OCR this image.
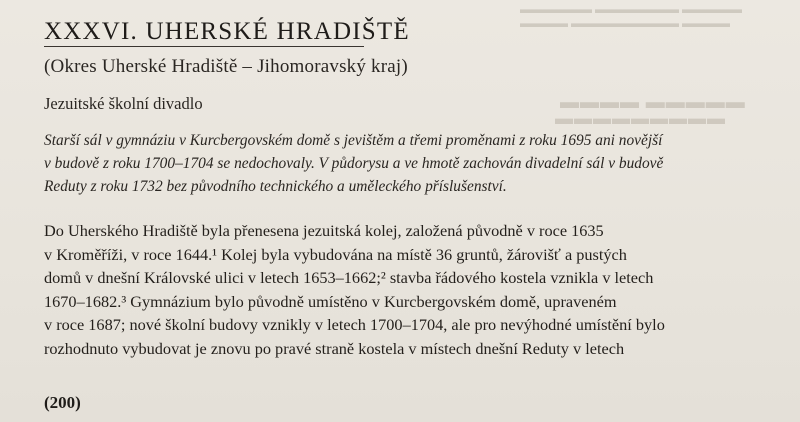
▬▬▬▬▬▬ ▬▬▬▬▬▬▬ ▬▬▬▬▬
▬▬▬▬ ▬▬▬▬▬▬▬▬▬ ▬▬▬▬
▬▬▬▬ ▬▬▬▬▬
▬▬▬▬▬▬▬▬▬
XXXVI. UHERSKÉ HRADIŠTĚ
(Okres Uherské Hradiště – Jihomoravský kraj)
Jezuitské školní divadlo
Starší sál v gymnáziu v Kurcbergovském domě s jevištěm a třemi proměnami z roku 1695 ani novější
v budově z roku 1700–1704 se nedochovaly. V půdorysu a ve hmotě zachován divadelní sál v budově
Reduty z roku 1732 bez původního technického a uměleckého příslušenství.
Do Uherského Hradiště byla přenesena jezuitská kolej, založená původně v roce 1635
v Kroměříži, v roce 1644.¹ Kolej byla vybudována na místě 36 gruntů, žárovišť a pustých
domů v dnešní Královské ulici v letech 1653–1662;² stavba řádového kostela vznikla v letech
1670–1682.³ Gymnázium bylo původně umístěno v Kurcbergovském domě, upraveném
v roce 1687; nové školní budovy vznikly v letech 1700–1704, ale pro nevýhodné umístění bylo
rozhodnuto vybudovat je znovu po pravé straně kostela v místech dnešní Reduty v letech
(200)
